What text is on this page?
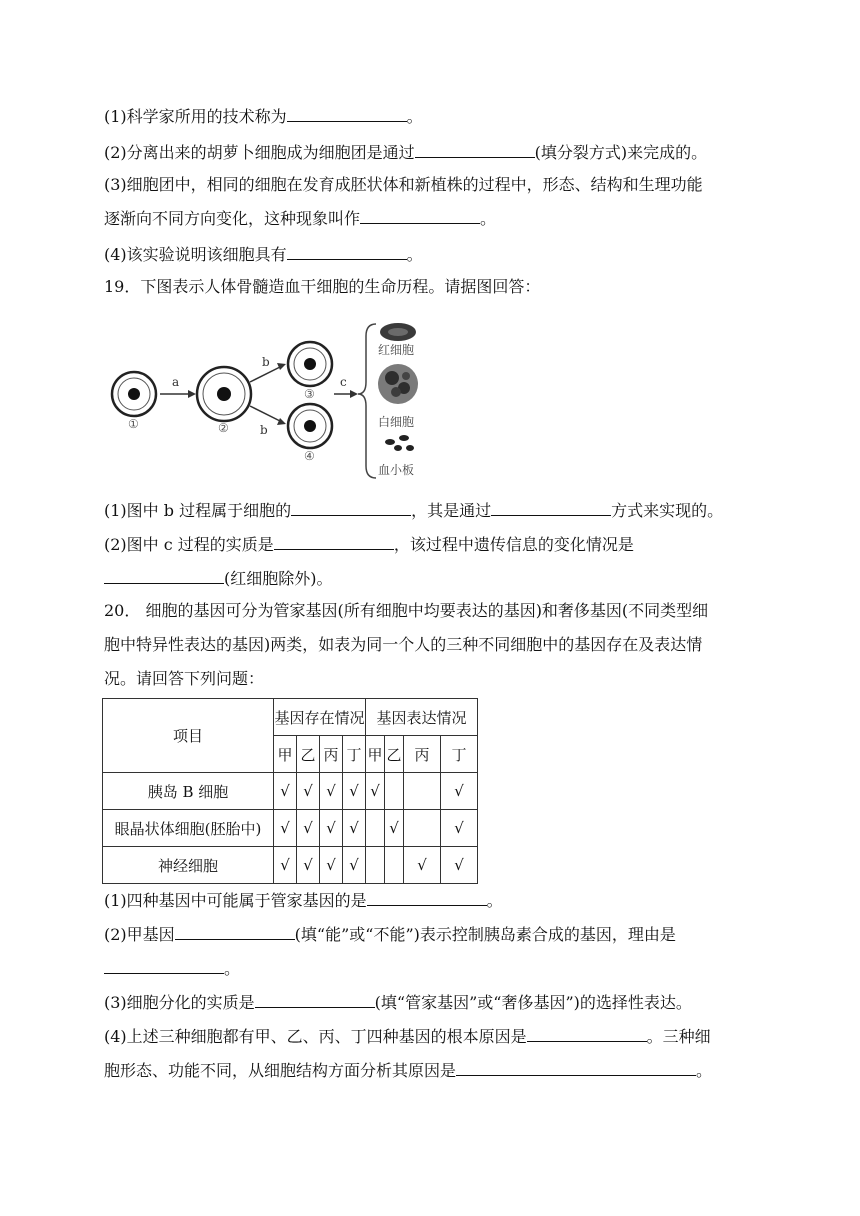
(1)科学家所用的技术称为	。
(2)分离出来的胡萝卜细胞成为细胞团是通过	(填分裂方式)来完成的。
(3)细胞团中，相同的细胞在发育成胚状体和新植株的过程中，形态、结构和生理功能
逐渐向不同方向变化，这种现象叫作	。
(4)该实验说明该细胞具有	。
19．下图表示人体骨髓造血干细胞的生命历程。请据图回答：
①
a
②
b
b
③
④
c
红细胞
白细胞
血小板
(1)图中 b 过程属于细胞的	，其是通过	方式来实现的。
(2)图中 c 过程的实质是	，该过程中遗传信息的变化情况是
(红细胞除外)。
20． 细胞的基因可分为管家基因(所有细胞中均要表达的基因)和奢侈基因(不同类型细
胞中特异性表达的基因)两类，如表为同一个人的三种不同细胞中的基因存在及表达情
况。请回答下列问题：
项目	基因存在情况				基因表达情况			
	甲	乙	丙	丁	甲	乙	丙	丁
胰岛 B 细胞	√	√	√	√	√			√
眼晶状体细胞(胚胎中)	√	√	√	√		√		√
神经细胞	√	√	√	√			√	√
(1)四种基因中可能属于管家基因的是	。
(2)甲基因	(填“能”或“不能”)表示控制胰岛素合成的基因，理由是
。
(3)细胞分化的实质是	(填“管家基因”或“奢侈基因”)的选择性表达。
(4)上述三种细胞都有甲、乙、丙、丁四种基因的根本原因是	。三种细
胞形态、功能不同，从细胞结构方面分析其原因是	。
